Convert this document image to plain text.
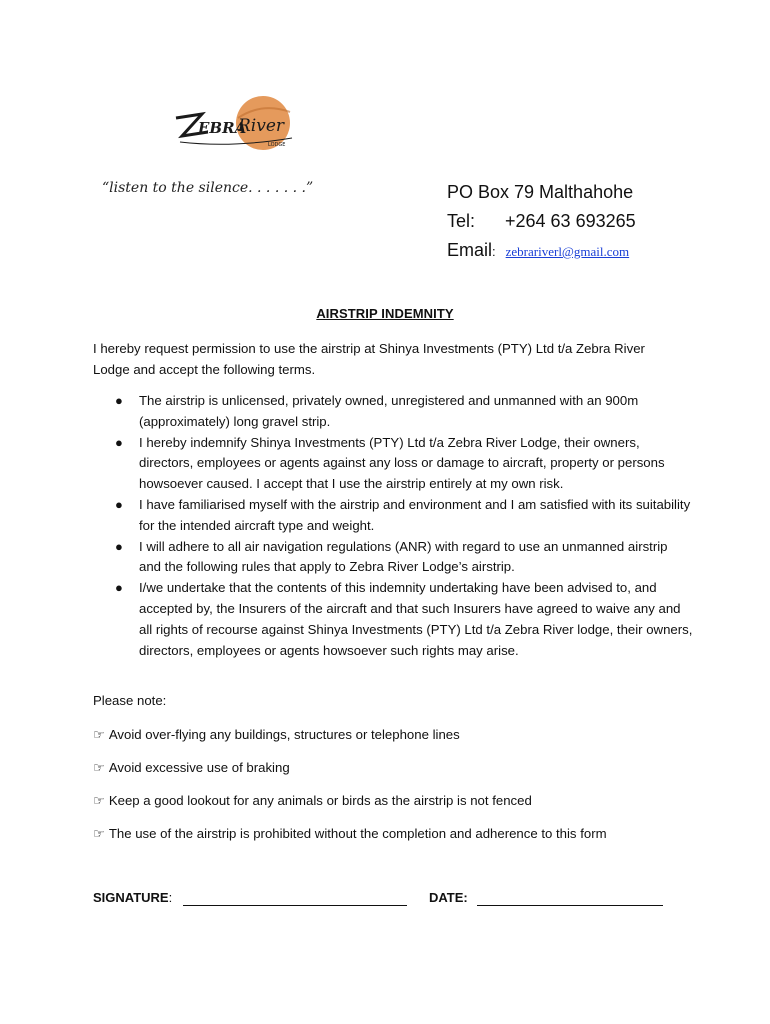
EBRA
River
LODGE
“listen to the silence. . . . . . .”	PO Box 79 Malthahohe
Tel: +264 63 693265
Email: zebrariverl@gmail.com
AIRSTRIP INDEMNITY
I hereby request permission to use the airstrip at Shinya Investments (PTY) Ltd t/a Zebra River Lodge and accept the following terms.
● The airstrip is unlicensed, privately owned, unregistered and unmanned with an 900m (approximately) long gravel strip.
● I hereby indemnify Shinya Investments (PTY) Ltd t/a Zebra River Lodge, their owners, directors, employees or agents against any loss or damage to aircraft, property or persons howsoever caused. I accept that I use the airstrip entirely at my own risk.
● I have familiarised myself with the airstrip and environment and I am satisfied with its suitability for the intended aircraft type and weight.
● I will adhere to all air navigation regulations (ANR) with regard to use an unmanned airstrip and the following rules that apply to Zebra River Lodge’s airstrip.
● I/we undertake that the contents of this indemnity undertaking have been advised to, and accepted by, the Insurers of the aircraft and that such Insurers have agreed to waive any and all rights of recourse against Shinya Investments (PTY) Ltd t/a Zebra River lodge, their owners, directors, employees or agents howsoever such rights may arise.
Please note:
☞ Avoid over-flying any buildings, structures or telephone lines
☞ Avoid excessive use of braking
☞ Keep a good lookout for any animals or birds as the airstrip is not fenced
☞ The use of the airstrip is prohibited without the completion and adherence to this form
SIGNATURE:	DATE:
